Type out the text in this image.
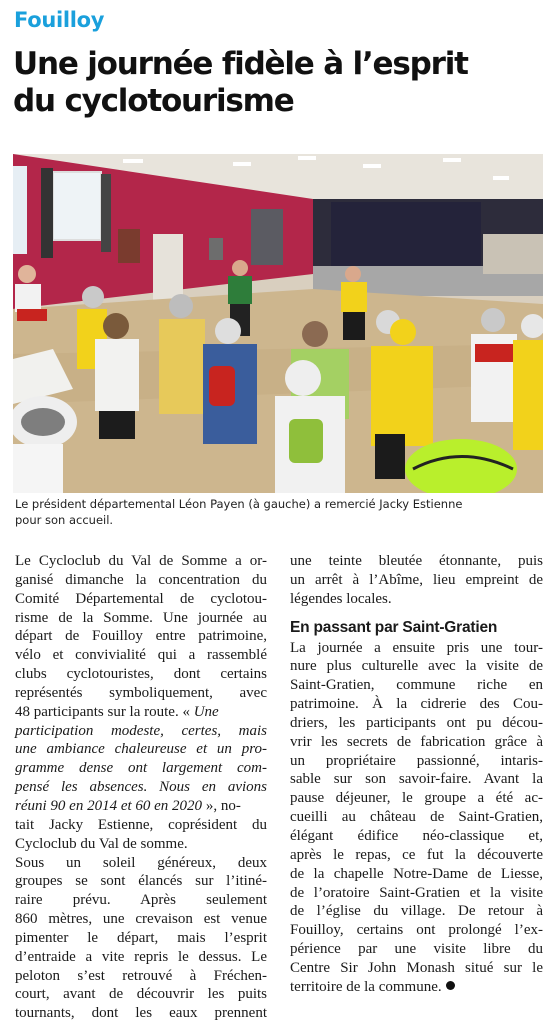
Fouilloy
Une journée fidèle à l’esprit
du cyclotourisme
Le président départemental Léon Payen (à gauche) a remercié Jacky Estienne
pour son accueil.
Le Cycloclub du Val de Somme a or-
ganisé dimanche la concentration du
Comité Départemental de cyclotou-
risme de la Somme. Une journée au
départ de Fouilloy entre patrimoine,
vélo et convivialité qui a rassemblé
clubs cyclotouristes, dont certains
représentés symboliquement, avec
48 participants sur la route. « Une
participation modeste, certes, mais
une ambiance chaleureuse et un pro-
gramme dense ont largement com-
pensé les absences. Nous en avions
réuni 90 en 2014 et 60 en 2020 », no-
tait Jacky Estienne, coprésident du
Cycloclub du Val de somme.
Sous un soleil généreux, deux
groupes se sont élancés sur l’itiné-
raire prévu. Après seulement
860 mètres, une crevaison est venue
pimenter le départ, mais l’esprit
d’entraide a vite repris le dessus. Le
peloton s’est retrouvé à Fréchen-
court, avant de découvrir les puits
tournants, dont les eaux prennent
une teinte bleutée étonnante, puis
un arrêt à l’Abîme, lieu empreint de
légendes locales.
En passant par Saint-Gratien
La journée a ensuite pris une tour-
nure plus culturelle avec la visite de
Saint-Gratien, commune riche en
patrimoine. À la cidrerie des Cou-
driers, les participants ont pu décou-
vrir les secrets de fabrication grâce à
un propriétaire passionné, intaris-
sable sur son savoir-faire. Avant la
pause déjeuner, le groupe a été ac-
cueilli au château de Saint-Gratien,
élégant édifice néo-classique et,
après le repas, ce fut la découverte
de la chapelle Notre-Dame de Liesse,
de l’oratoire Saint-Gratien et la visite
de l’église du village. De retour à
Fouilloy, certains ont prolongé l’ex-
périence par une visite libre du
Centre Sir John Monash situé sur le
territoire de la commune.
